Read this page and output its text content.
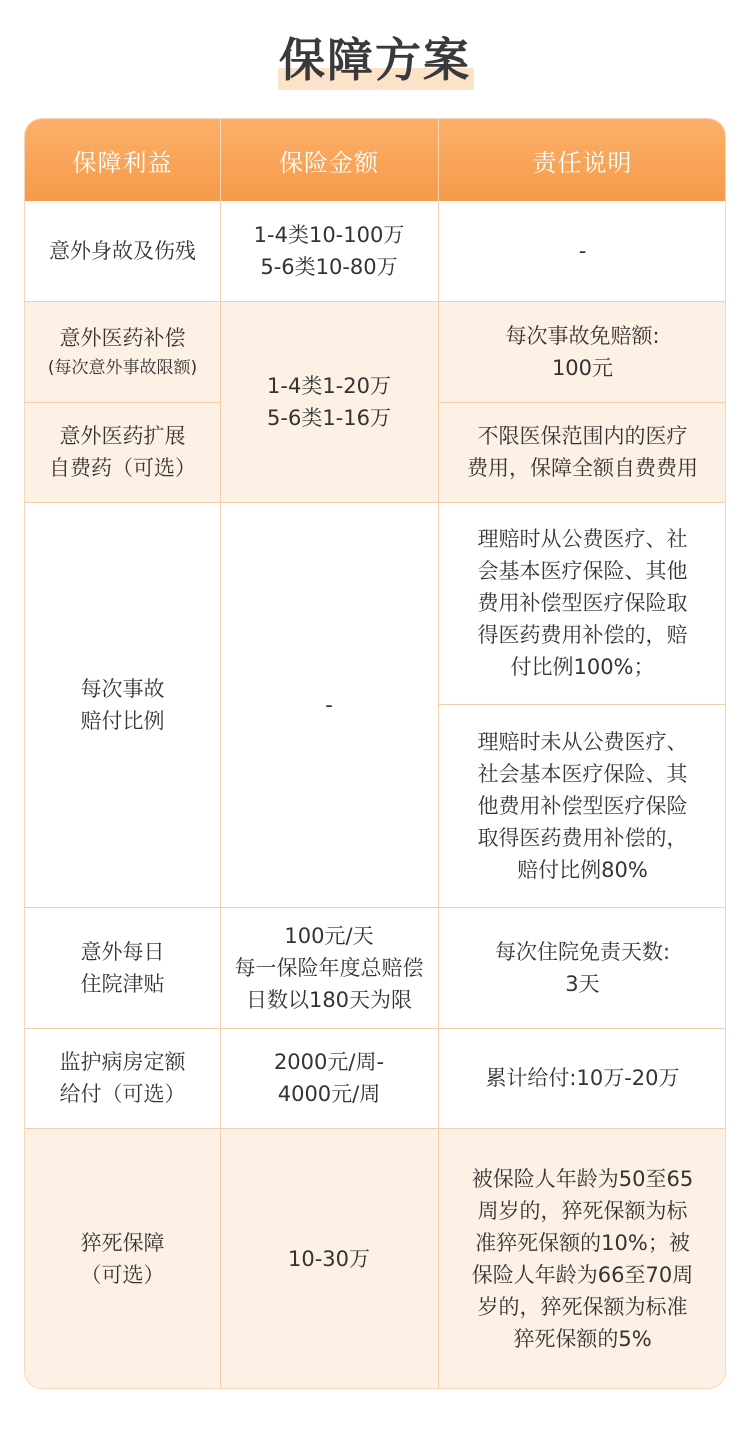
保障方案
保障利益	保险金额	责任说明
意外身故及伤残
1-4类10-100万
5-6类10-80万
-
意外医药补偿
(每次意外事故限额)
1-4类1-20万
5-6类1-16万
每次事故免赔额:
100元
意外医药扩展
自费药（可选）
不限医保范围内的医疗
费用，保障全额自费费用
每次事故
赔付比例
-
理赔时从公费医疗、社
会基本医疗保险、其他
费用补偿型医疗保险取
得医药费用补偿的，赔
付比例100%；
理赔时未从公费医疗、
社会基本医疗保险、其
他费用补偿型医疗保险
取得医药费用补偿的，
赔付比例80%
意外每日
住院津贴
100元/天
每一保险年度总赔偿
日数以180天为限
每次住院免责天数:
3天
监护病房定额
给付（可选）
2000元/周-
4000元/周
累计给付:10万-20万
猝死保障
（可选）
10-30万
被保险人年龄为50至65
周岁的，猝死保额为标
准猝死保额的10%；被
保险人年龄为66至70周
岁的，猝死保额为标准
猝死保额的5%
